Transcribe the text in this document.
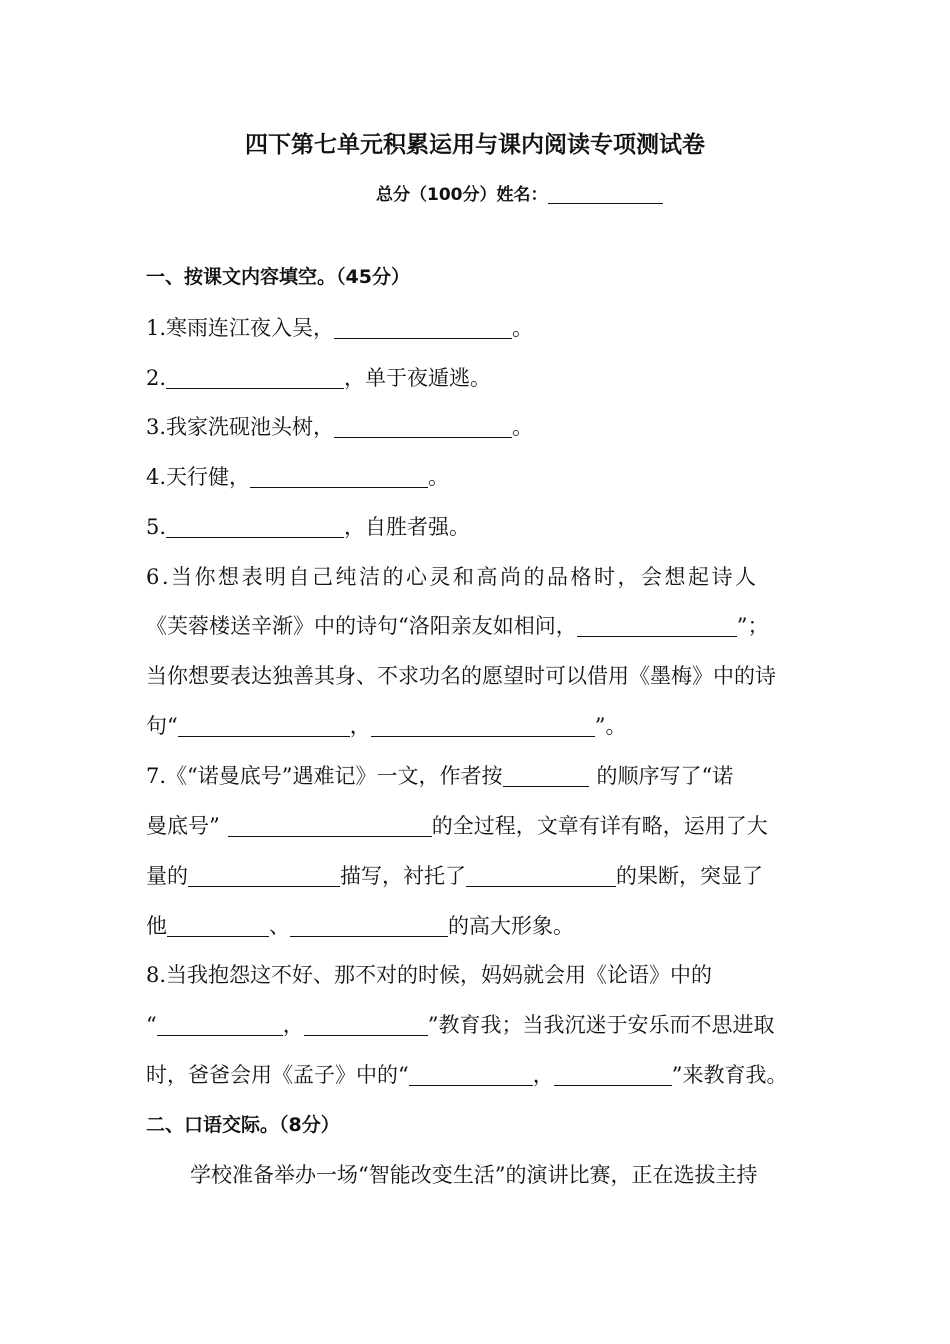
四下第七单元积累运用与课内阅读专项测试卷
总分（100分）姓名：
一、按课文内容填空。（45分）
1.寒雨连江夜入吴，	。
2.	，单于夜遁逃。
3.我家洗砚池头树，	。
4.天行健，	。
5.	，自胜者强。
6.当你想表明自己纯洁的心灵和高尚的品格时，会想起诗人
《芙蓉楼送辛渐》中的诗句“洛阳亲友如相问，	”；
当你想要表达独善其身、不求功名的愿望时可以借用《墨梅》中的诗
句“	，	”。
7.《“诺曼底号”遇难记》一文，作者按	的顺序写了“诺
曼底号”	的全过程，文章有详有略，运用了大
量的	描写，衬托了	的果断，突显了
他	、	的高大形象。
8.当我抱怨这不好、那不对的时候，妈妈就会用《论语》中的
“	，	”教育我；当我沉迷于安乐而不思进取
时，爸爸会用《孟子》中的“	，	”来教育我。
二、口语交际。（8分）
学校准备举办一场“智能改变生活”的演讲比赛，正在选拔主持
